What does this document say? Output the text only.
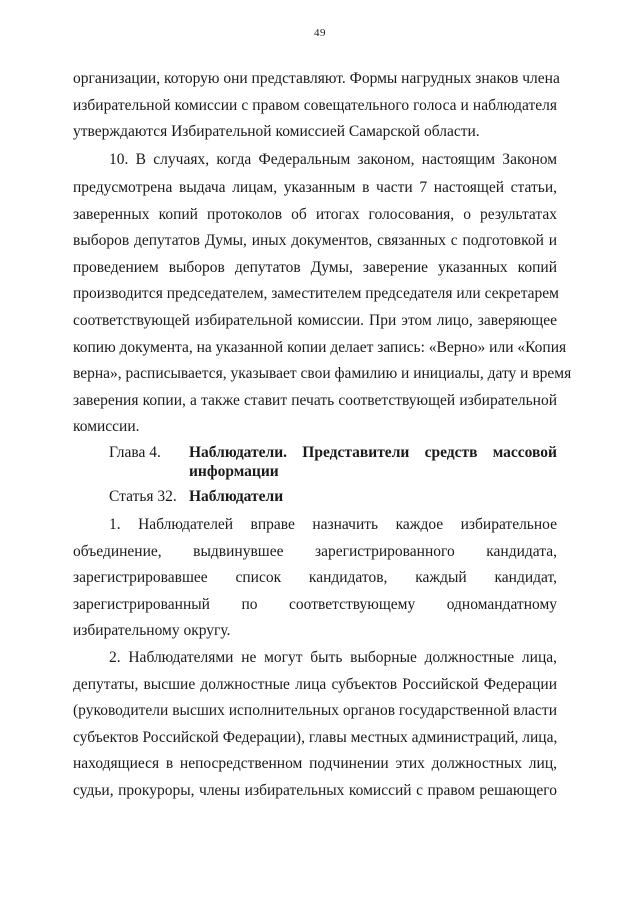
49
организации, которую они представляют. Формы нагрудных знаков члена
избирательной комиссии с правом совещательного голоса и наблюдателя
утверждаются Избирательной комиссией Самарской области.
10. В случаях, когда Федеральным законом, настоящим Законом
предусмотрена выдача лицам, указанным в части 7 настоящей статьи,
заверенных копий протоколов об итогах голосования, о результатах
выборов депутатов Думы, иных документов, связанных с подготовкой и
проведением выборов депутатов Думы, заверение указанных копий
производится председателем, заместителем председателя или секретарем
соответствующей избирательной комиссии. При этом лицо, заверяющее
копию документа, на указанной копии делает запись: «Верно» или «Копия
верна», расписывается, указывает свои фамилию и инициалы, дату и время
заверения копии, а также ставит печать соответствующей избирательной
комиссии.
Глава 4. Наблюдатели. Представители средств массовой
информации
Статья 32. Наблюдатели
1. Наблюдателей вправе назначить каждое избирательное
объединение, выдвинувшее зарегистрированного кандидата,
зарегистрировавшее список кандидатов, каждый кандидат,
зарегистрированный по соответствующему одномандатному
избирательному округу.
2. Наблюдателями не могут быть выборные должностные лица,
депутаты, высшие должностные лица субъектов Российской Федерации
(руководители высших исполнительных органов государственной власти
субъектов Российской Федерации), главы местных администраций, лица,
находящиеся в непосредственном подчинении этих должностных лиц,
судьи, прокуроры, члены избирательных комиссий с правом решающего
